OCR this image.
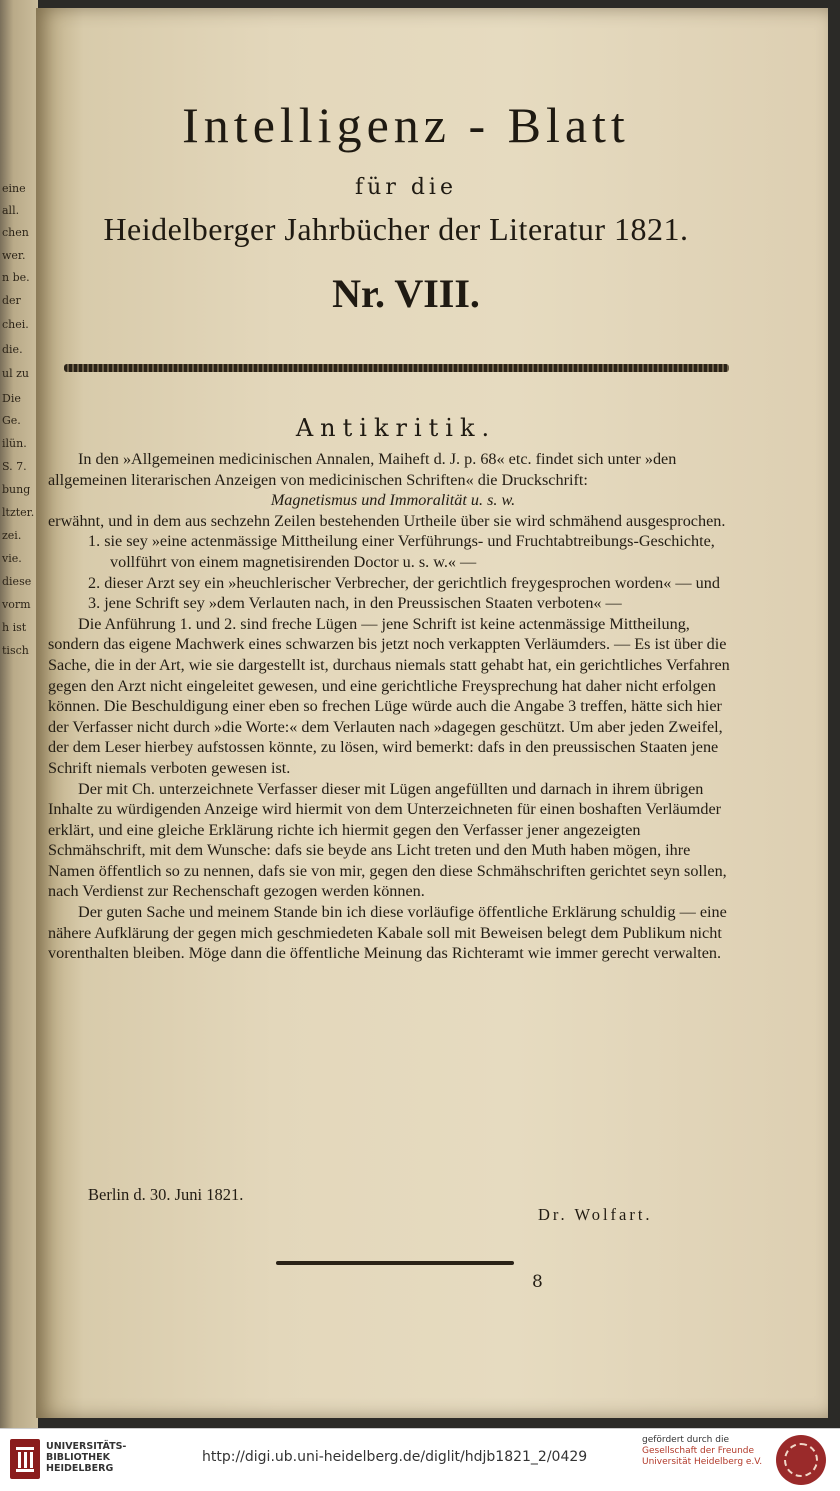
eine
all.
chen
wer.
n be.
der
chei.
die.
ul zu
Die
Ge.
ilün.
S. 7.
bung
ltzter.
zei.
vie.
diese
vorm
h ist
tisch
Intelligenz - Blatt
für die
Heidelberger Jahrbücher der Literatur 1821.
Nr. VIII.
Antikritik.

In den »Allgemeinen medicinischen Annalen, Maiheft d. J. p. 68« etc. findet sich unter »den allgemeinen literarischen Anzeigen von medicinischen Schriften« die Druckschrift:

Magnetismus und Immoralität u. s. w.

erwähnt, und in dem aus sechzehn Zeilen bestehenden Urtheile über sie wird schmähend ausgesprochen.

1. sie sey »eine actenmässige Mittheilung einer Verführungs- und Fruchtabtreibungs-Geschichte, vollführt von einem magnetisirenden Doctor u. s. w.« —

2. dieser Arzt sey ein »heuchlerischer Verbrecher, der gerichtlich freygesprochen worden« — und

3. jene Schrift sey »dem Verlauten nach, in den Preussischen Staaten verboten« —

Die Anführung 1. und 2. sind freche Lügen — jene Schrift ist keine actenmässige Mittheilung, sondern das eigene Machwerk eines schwarzen bis jetzt noch verkappten Verläumders. — Es ist über die Sache, die in der Art, wie sie dargestellt ist, durchaus niemals statt gehabt hat, ein gerichtliches Verfahren gegen den Arzt nicht eingeleitet gewesen, und eine gerichtliche Freysprechung hat daher nicht erfolgen können. Die Beschuldigung einer eben so frechen Lüge würde auch die Angabe 3 treffen, hätte sich hier der Verfasser nicht durch »die Worte:« dem Verlauten nach »dagegen geschützt. Um aber jeden Zweifel, der dem Leser hierbey aufstossen könnte, zu lösen, wird bemerkt: dafs in den preussischen Staaten jene Schrift niemals verboten gewesen ist.

Der mit Ch. unterzeichnete Verfasser dieser mit Lügen angefüllten und darnach in ihrem übrigen Inhalte zu würdigenden Anzeige wird hiermit von dem Unterzeichneten für einen boshaften Verläumder erklärt, und eine gleiche Erklärung richte ich hiermit gegen den Verfasser jener angezeigten Schmähschrift, mit dem Wunsche: dafs sie beyde ans Licht treten und den Muth haben mögen, ihre Namen öffentlich so zu nennen, dafs sie von mir, gegen den diese Schmähschriften gerichtet seyn sollen, nach Verdienst zur Rechenschaft gezogen werden können.

Der guten Sache und meinem Stande bin ich diese vorläufige öffentliche Erklärung schuldig — eine nähere Aufklärung der gegen mich geschmiedeten Kabale soll mit Beweisen belegt dem Publikum nicht vorenthalten bleiben. Möge dann die öffentliche Meinung das Richteramt wie immer gerecht verwalten.

Berlin d. 30. Juni 1821.
Dr. Wolfart.
8
UNIVERSITÄTS-
BIBLIOTHEK
HEIDELBERG
http://digi.ub.uni-heidelberg.de/diglit/hdjb1821_2/0429
gefördert durch die
Gesellschaft der Freunde
Universität Heidelberg e.V.
